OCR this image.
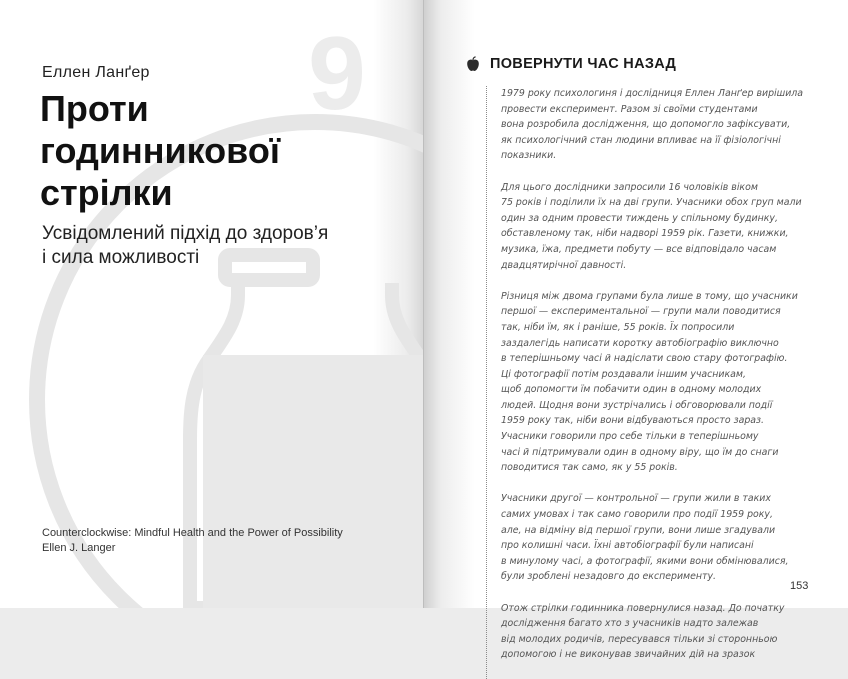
9
Еллен Ланґер
Проти
годинникової
стрілки
Усвідомлений підхід до здоров’я
і сила можливості
Counterclockwise: Mindful Health and the Power of Possibility
Ellen J. Langer
ПОВЕРНУТИ ЧАС НАЗАД

1979 року психологиня і дослідниця Еллен Ланґер вирішила
провести експеримент. Разом зі своїми студентами
вона розробила дослідження, що допомогло зафіксувати,
як психологічний стан людини впливає на її фізіологічні
показники.

Для цього дослідники запросили 16 чоловіків віком
75 років і поділили їх на дві групи. Учасники обох груп мали
один за одним провести тиждень у спільному будинку,
обставленому так, ніби надворі 1959 рік. Газети, книжки,
музика, їжа, предмети побуту — все відповідало часам
двадцятирічної давності.

Різниця між двома групами була лише в тому, що учасники
першої — експериментальної — групи мали поводитися
так, ніби їм, як і раніше, 55 років. Їх попросили
заздалегідь написати коротку автобіографію виключно
в теперішньому часі й надіслати свою стару фотографію.
Ці фотографії потім роздавали іншим учасникам,
щоб допомогти їм побачити один в одному молодих
людей. Щодня вони зустрічались і обговорювали події
1959 року так, ніби вони відбуваються просто зараз.
Учасники говорили про себе тільки в теперішньому
часі й підтримували один в одному віру, що їм до снаги
поводитися так само, як у 55 років.

Учасники другої — контрольної — групи жили в таких
самих умовах і так само говорили про події 1959 року,
але, на відміну від першої групи, вони лише згадували
про колишні часи. Їхні автобіографії були написані
в минулому часі, а фотографії, якими вони обмінювалися,
були зроблені незадовго до експерименту.

Отож стрілки годинника повернулися назад. До початку
дослідження багато хто з учасників надто залежав
від молодих родичів, пересувався тільки зі сторонньою
допомогою і не виконував звичайних дій на зразок

153
